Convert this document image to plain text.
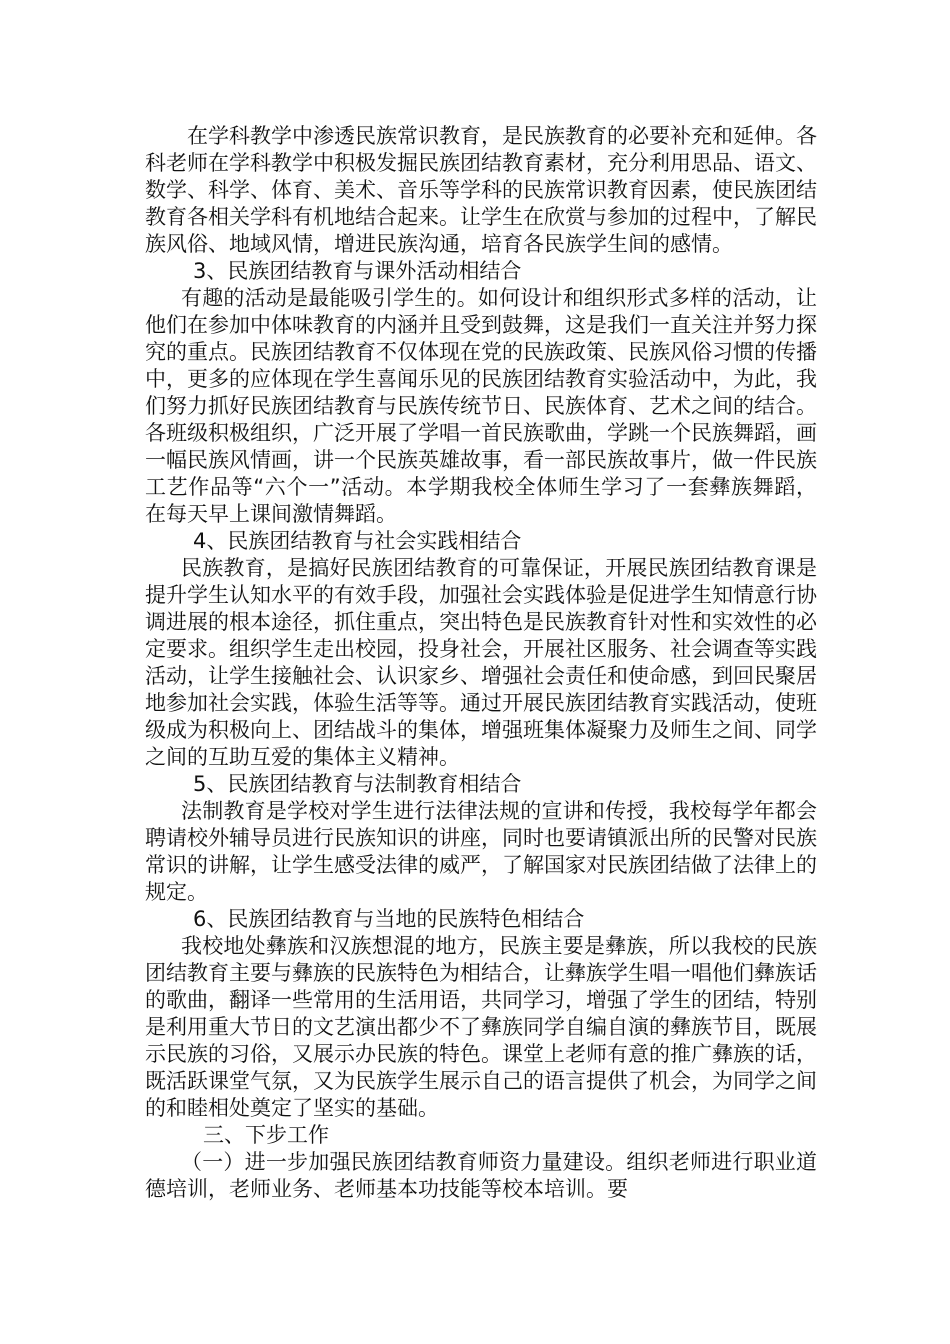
在学科教学中渗透民族常识教育，是民族教育的必要补充和延伸。各科老师在学科教学中积极发掘民族团结教育素材，充分利用思品、语文、数学、科学、体育、美术、音乐等学科的民族常识教育因素，使民族团结教育各相关学科有机地结合起来。让学生在欣赏与参加的过程中，了解民族风俗、地域风情，增进民族沟通，培育各民族学生间的感情。

3、民族团结教育与课外活动相结合

有趣的活动是最能吸引学生的。如何设计和组织形式多样的活动，让他们在参加中体味教育的内涵并且受到鼓舞，这是我们一直关注并努力探究的重点。民族团结教育不仅体现在党的民族政策、民族风俗习惯的传播中，更多的应体现在学生喜闻乐见的民族团结教育实验活动中，为此，我们努力抓好民族团结教育与民族传统节日、民族体育、艺术之间的结合。各班级积极组织，广泛开展了学唱一首民族歌曲，学跳一个民族舞蹈，画一幅民族风情画，讲一个民族英雄故事，看一部民族故事片，做一件民族工艺作品等“六个一”活动。本学期我校全体师生学习了一套彝族舞蹈，在每天早上课间激情舞蹈。

4、民族团结教育与社会实践相结合

民族教育，是搞好民族团结教育的可靠保证，开展民族团结教育课是提升学生认知水平的有效手段，加强社会实践体验是促进学生知情意行协调进展的根本途径，抓住重点，突出特色是民族教育针对性和实效性的必定要求。组织学生走出校园，投身社会，开展社区服务、社会调查等实践活动，让学生接触社会、认识家乡、增强社会责任和使命感，到回民聚居地参加社会实践，体验生活等等。通过开展民族团结教育实践活动，使班级成为积极向上、团结战斗的集体，增强班集体凝聚力及师生之间、同学之间的互助互爱的集体主义精神。

5、民族团结教育与法制教育相结合

法制教育是学校对学生进行法律法规的宣讲和传授，我校每学年都会聘请校外辅导员进行民族知识的讲座，同时也要请镇派出所的民警对民族常识的讲解，让学生感受法律的威严，了解国家对民族团结做了法律上的规定。

6、民族团结教育与当地的民族特色相结合

我校地处彝族和汉族想混的地方，民族主要是彝族，所以我校的民族团结教育主要与彝族的民族特色为相结合，让彝族学生唱一唱他们彝族话的歌曲，翻译一些常用的生活用语，共同学习，增强了学生的团结，特别是利用重大节日的文艺演出都少不了彝族同学自编自演的彝族节目，既展示民族的习俗，又展示办民族的特色。课堂上老师有意的推广彝族的话，既活跃课堂气氛，又为民族学生展示自己的语言提供了机会，为同学之间的和睦相处奠定了坚实的基础。

三、下步工作

（一）进一步加强民族团结教育师资力量建设。组织老师进行职业道德培训，老师业务、老师基本功技能等校本培训。要
